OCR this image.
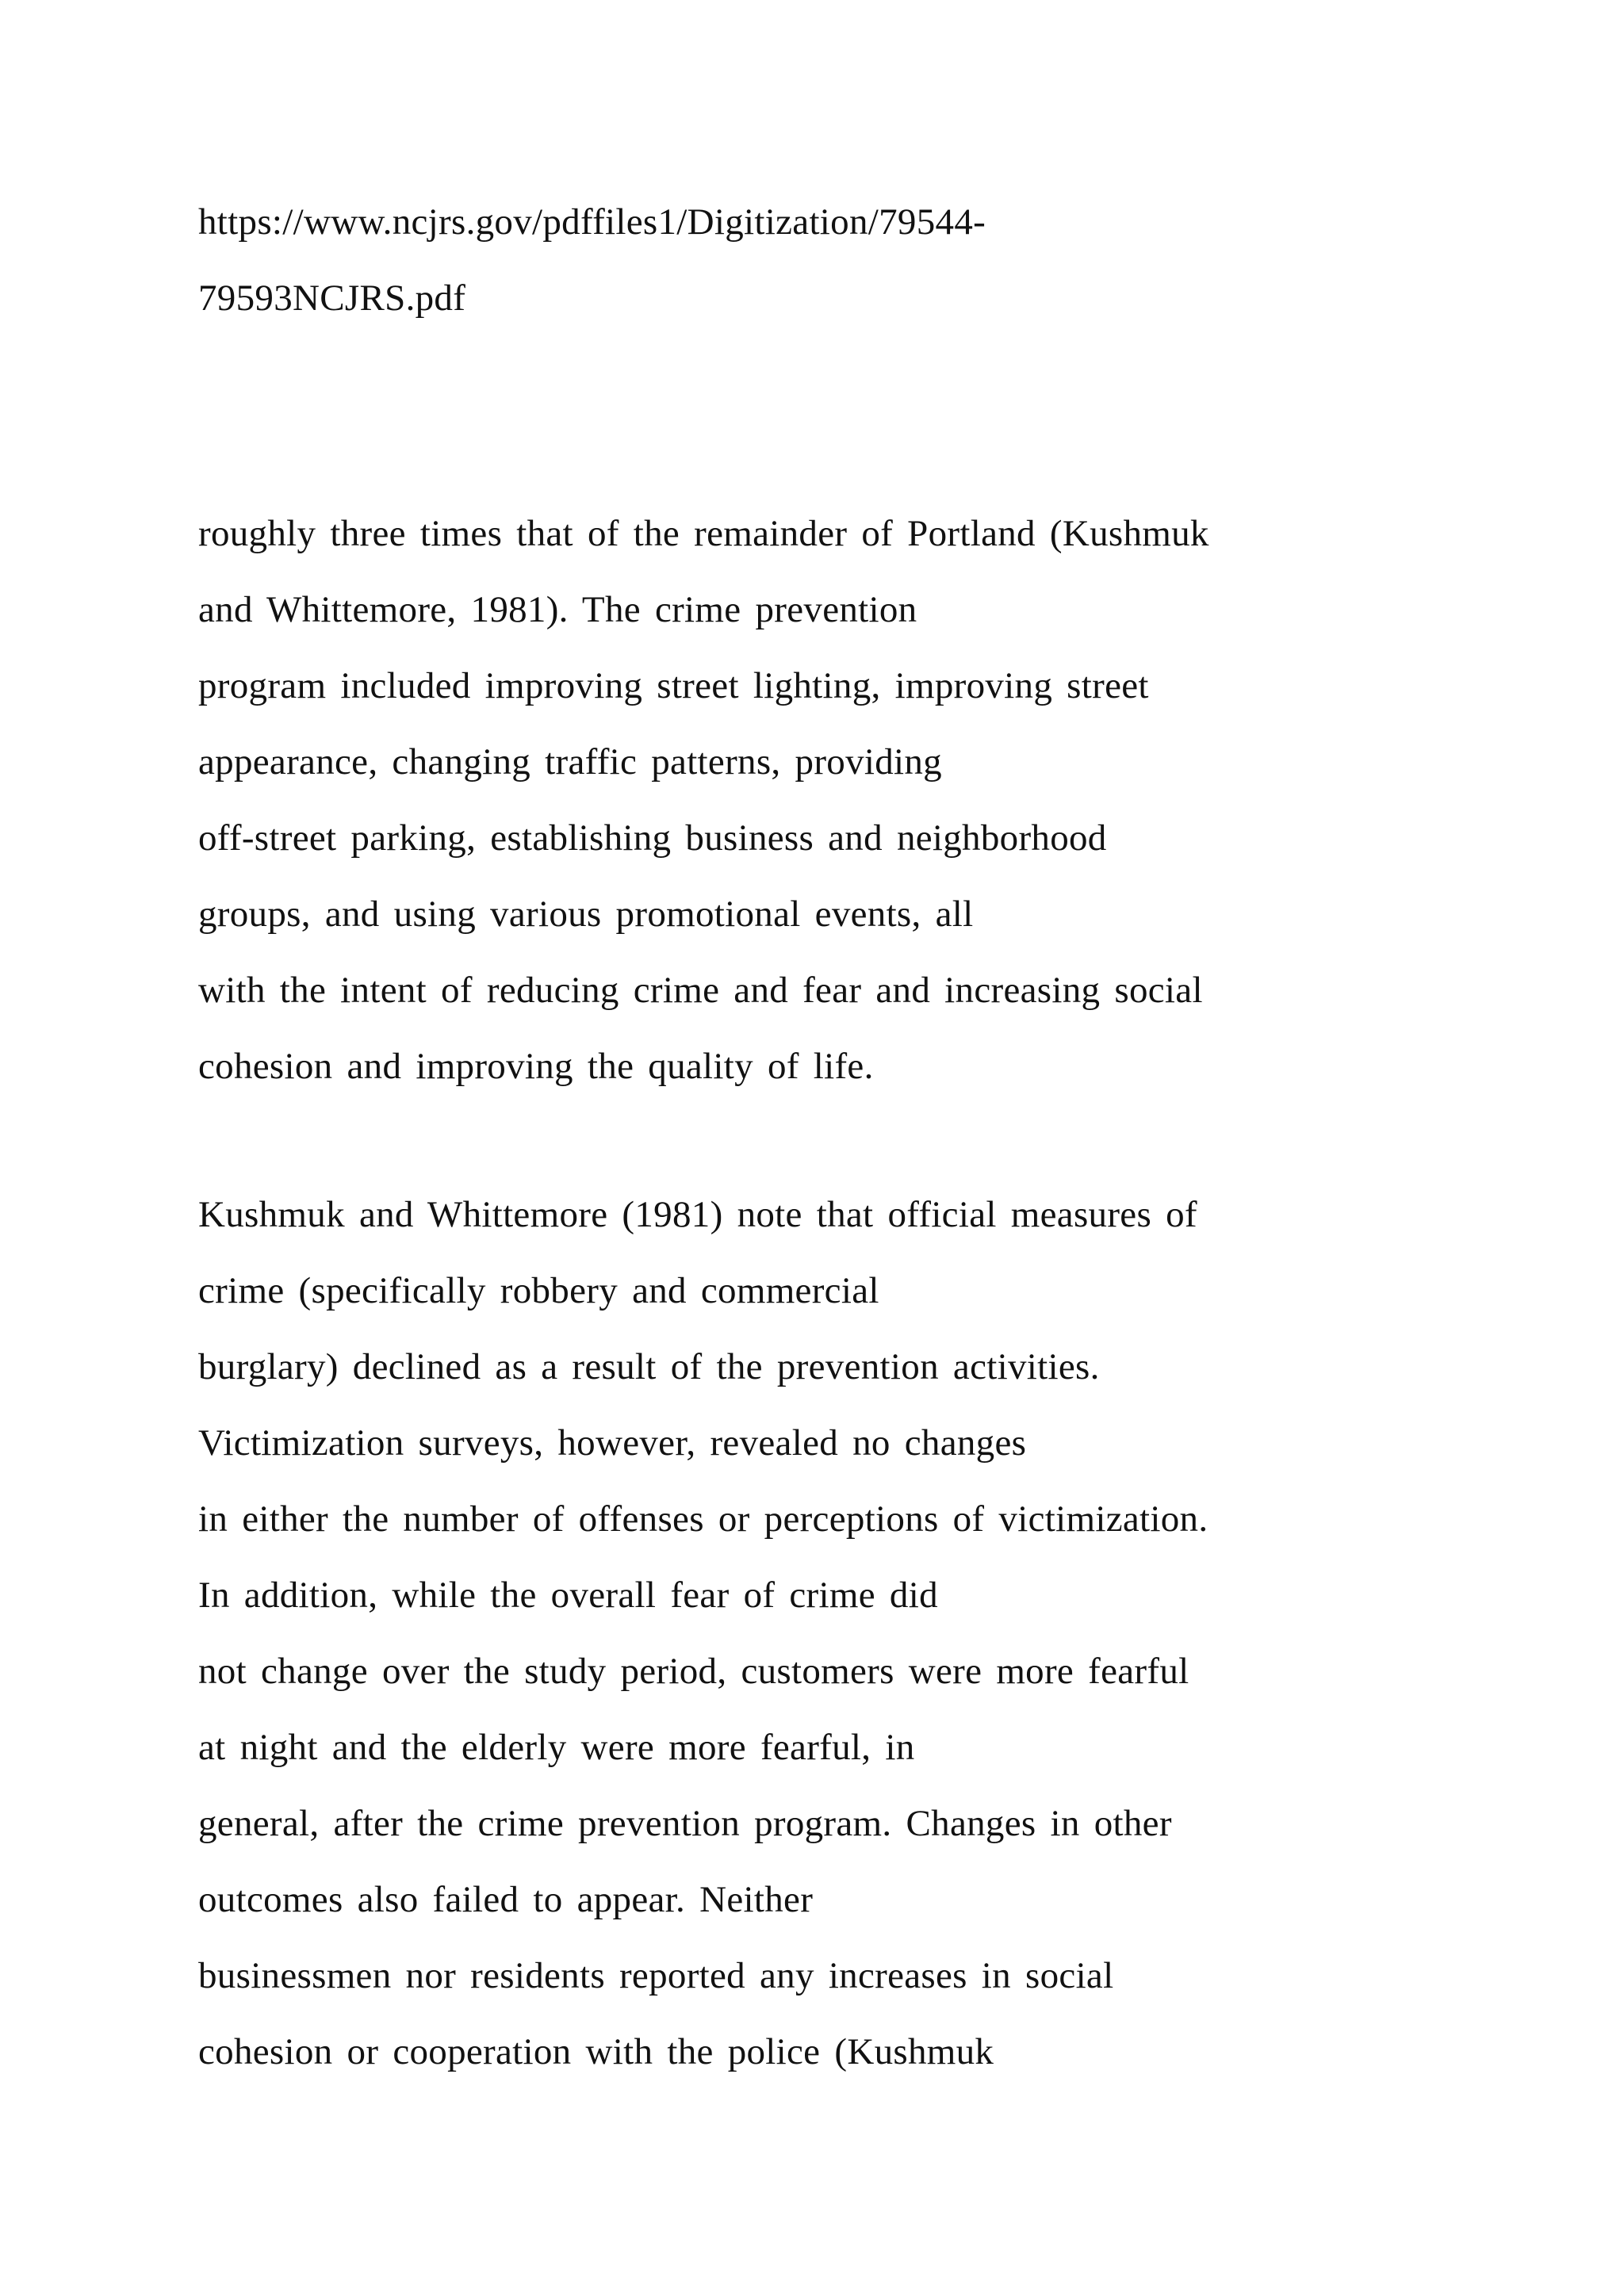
https://www.ncjrs.gov/pdffiles1/Digitization/79544-
79593NCJRS.pdf
roughly three times that of the remainder of Portland (Kushmuk
and Whittemore, 1981). The crime prevention
program included improving street lighting, improving street
appearance, changing traffic patterns, providing
off-street parking, establishing business and neighborhood
groups, and using various promotional events, all
with the intent of reducing crime and fear and increasing social
cohesion and improving the quality of life.
Kushmuk and Whittemore (1981) note that official measures of
crime (specifically robbery and commercial
burglary) declined as a result of the prevention activities.
Victimization surveys, however, revealed no changes
in either the number of offenses or perceptions of victimization.
In addition, while the overall fear of crime did
not change over the study period, customers were more fearful
at night and the elderly were more fearful, in
general, after the crime prevention program. Changes in other
outcomes also failed to appear. Neither
businessmen nor residents reported any increases in social
cohesion or cooperation with the police (Kushmuk
